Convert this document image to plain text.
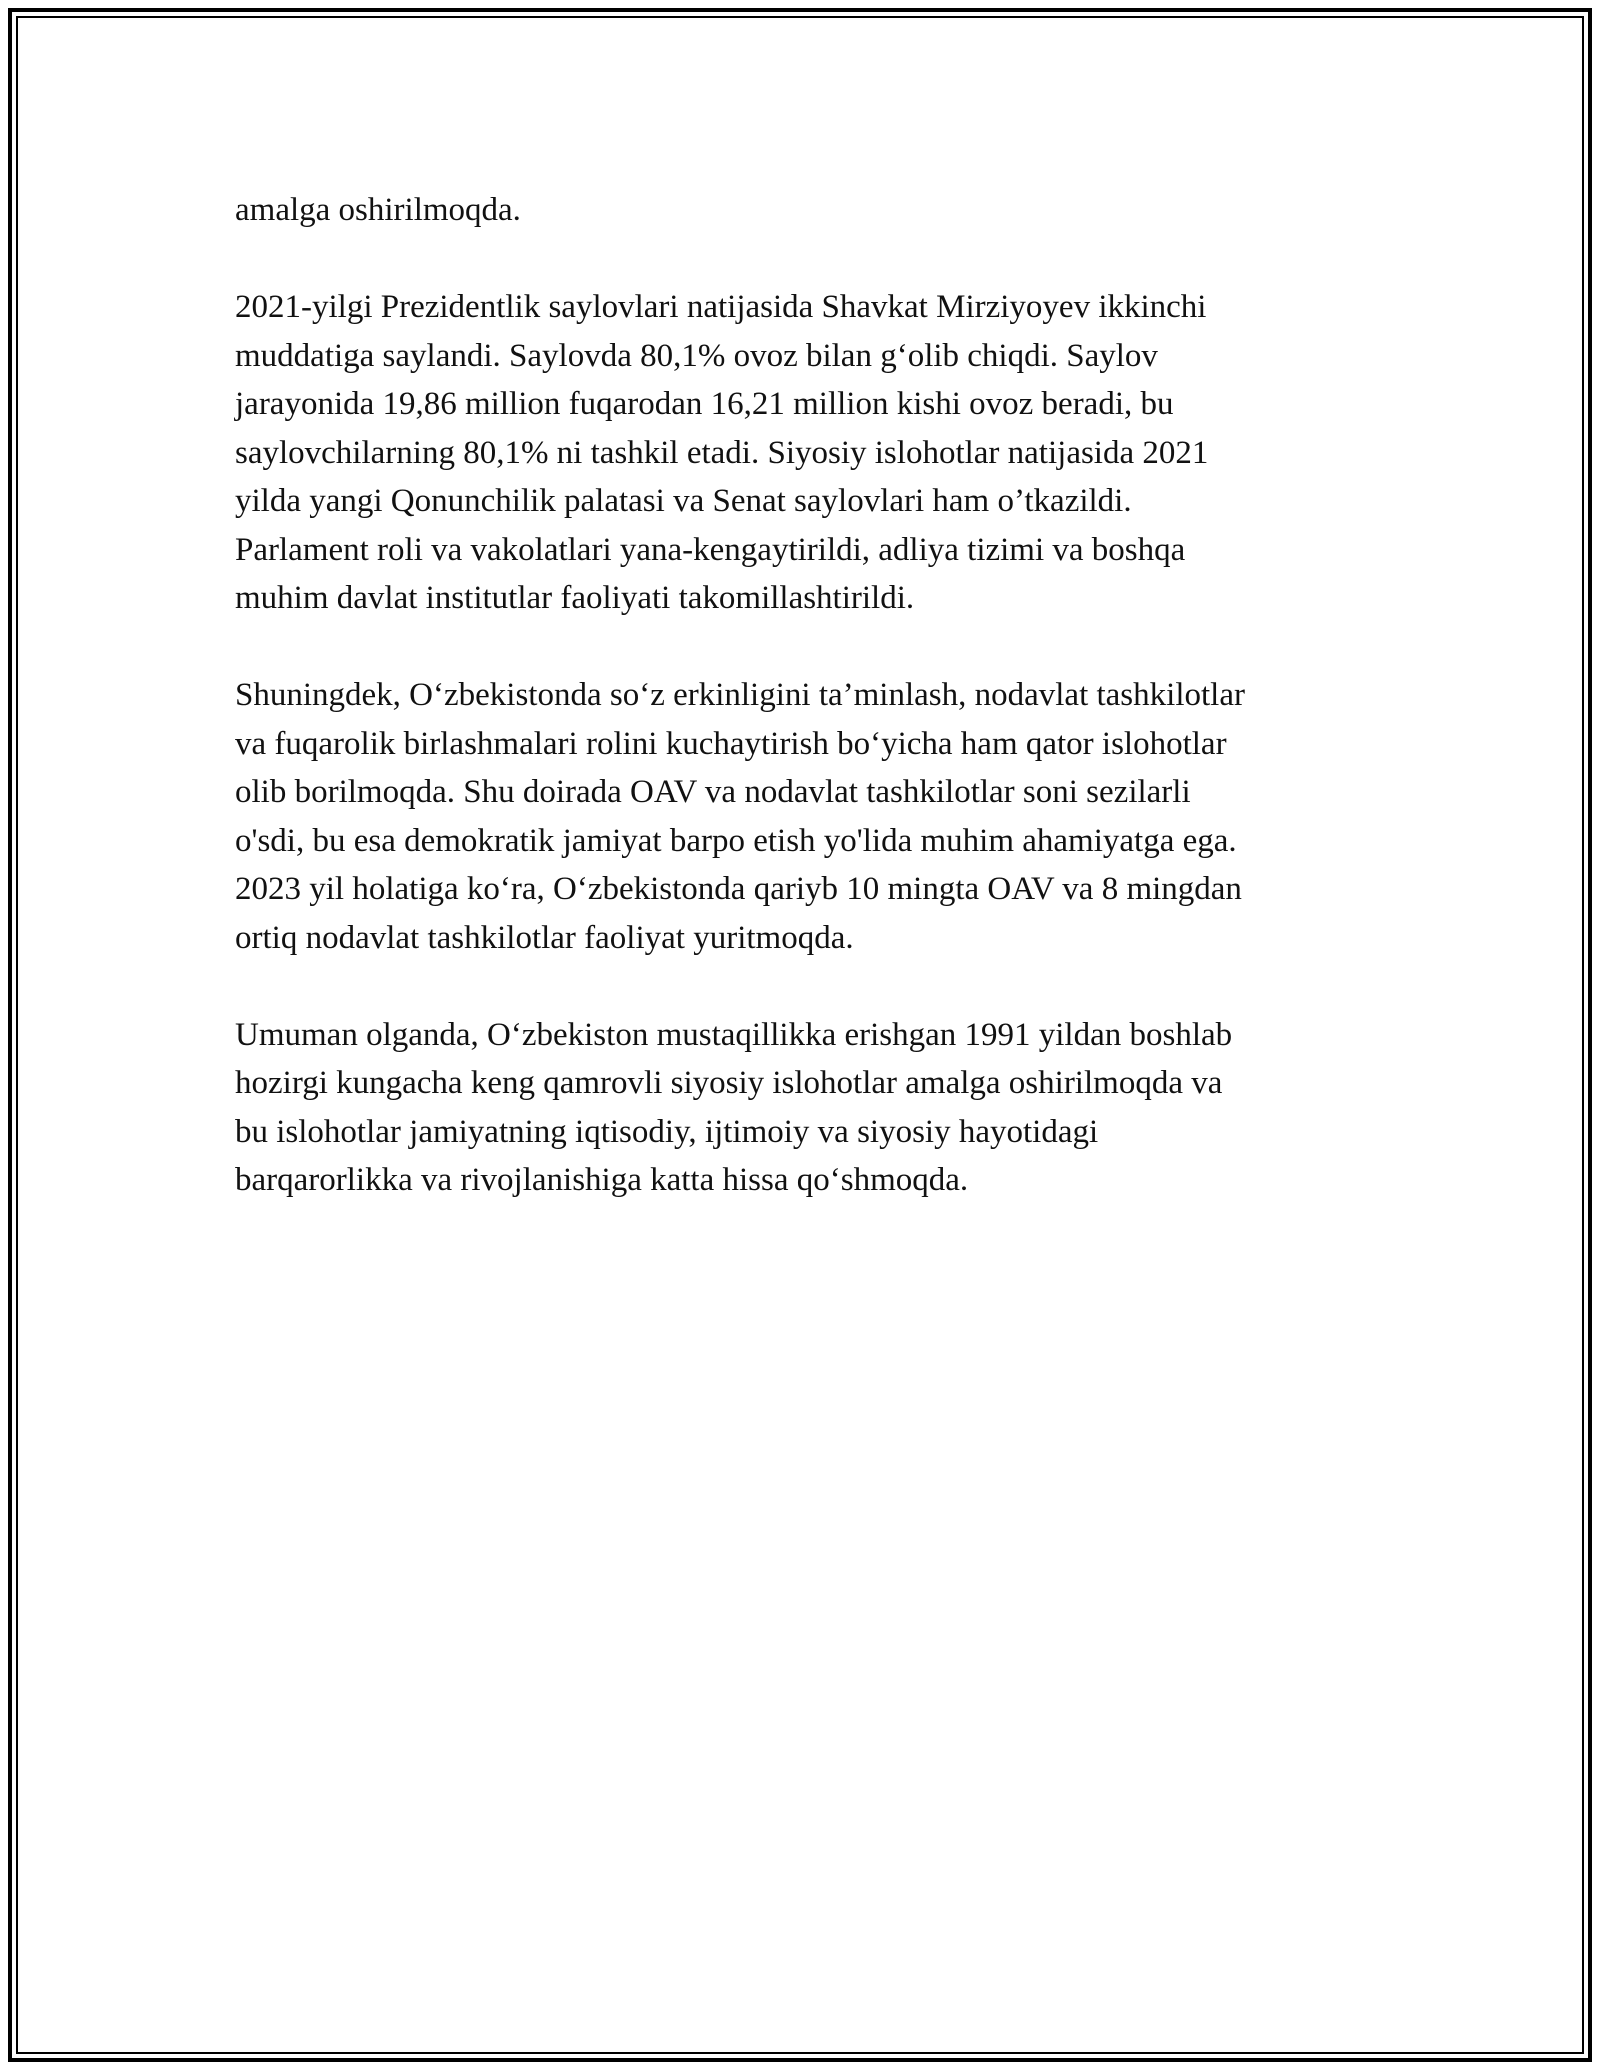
amalga oshirilmoqda.

2021-yilgi Prezidentlik saylovlari natijasida Shavkat Mirziyoyev ikkinchi
muddatiga saylandi. Saylovda 80,1% ovoz bilan g‘olib chiqdi. Saylov
jarayonida 19,86 million fuqarodan 16,21 million kishi ovoz beradi, bu
saylovchilarning 80,1% ni tashkil etadi. Siyosiy islohotlar natijasida 2021
yilda yangi Qonunchilik palatasi va Senat saylovlari ham o’tkazildi.
Parlament roli va vakolatlari yana-kengaytirildi, adliya tizimi va boshqa
muhim davlat institutlar faoliyati takomillashtirildi.

Shuningdek, O‘zbekistonda so‘z erkinligini ta’minlash, nodavlat tashkilotlar
va fuqarolik birlashmalari rolini kuchaytirish bo‘yicha ham qator islohotlar
olib borilmoqda. Shu doirada OAV va nodavlat tashkilotlar soni sezilarli
o'sdi, bu esa demokratik jamiyat barpo etish yo'lida muhim ahamiyatga ega.
2023 yil holatiga ko‘ra, O‘zbekistonda qariyb 10 mingta OAV va 8 mingdan
ortiq nodavlat tashkilotlar faoliyat yuritmoqda.

Umuman olganda, O‘zbekiston mustaqillikka erishgan 1991 yildan boshlab
hozirgi kungacha keng qamrovli siyosiy islohotlar amalga oshirilmoqda va
bu islohotlar jamiyatning iqtisodiy, ijtimoiy va siyosiy hayotidagi
barqarorlikka va rivojlanishiga katta hissa qo‘shmoqda.
